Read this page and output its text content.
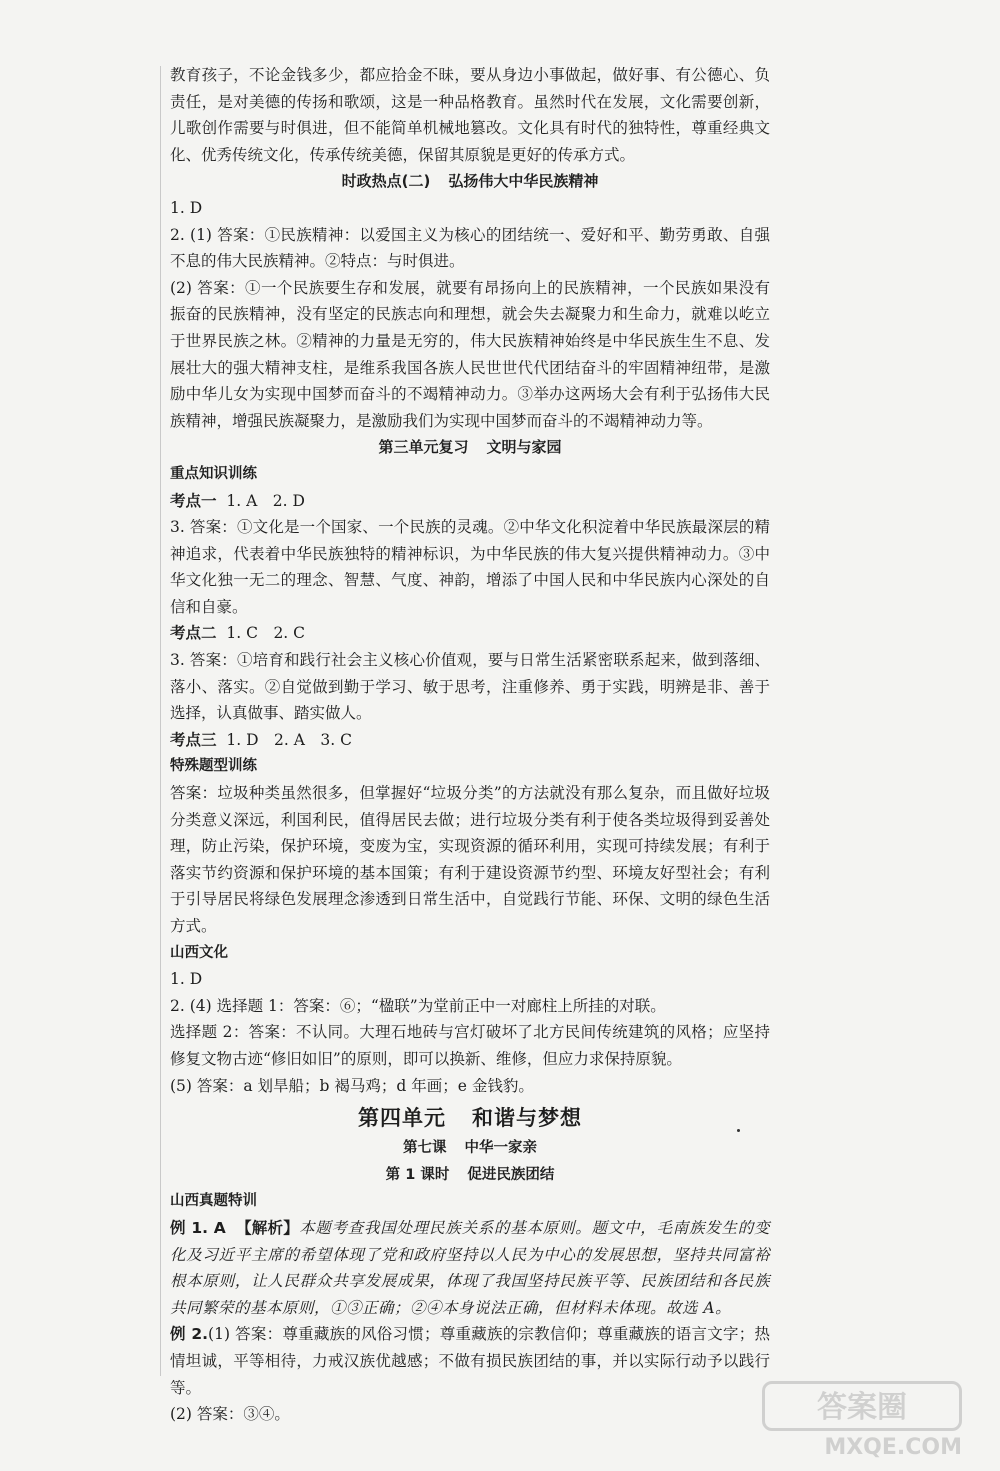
教育孩子，不论金钱多少，都应拾金不昧，要从身边小事做起，做好事、有公德心、负责任，是对美德的传扬和歌颂，这是一种品格教育。虽然时代在发展，文化需要创新，儿歌创作需要与时俱进，但不能简单机械地篡改。文化具有时代的独特性，尊重经典文化、优秀传统文化，传承传统美德，保留其原貌是更好的传承方式。

时政热点(二) 弘扬伟大中华民族精神

1. D

2. (1) 答案：①民族精神：以爱国主义为核心的团结统一、爱好和平、勤劳勇敢、自强不息的伟大民族精神。②特点：与时俱进。

(2) 答案：①一个民族要生存和发展，就要有昂扬向上的民族精神，一个民族如果没有振奋的民族精神，没有坚定的民族志向和理想，就会失去凝聚力和生命力，就难以屹立于世界民族之林。②精神的力量是无穷的，伟大民族精神始终是中华民族生生不息、发展壮大的强大精神支柱，是维系我国各族人民世世代代团结奋斗的牢固精神纽带，是激励中华儿女为实现中国梦而奋斗的不竭精神动力。③举办这两场大会有利于弘扬伟大民族精神，增强民族凝聚力，是激励我们为实现中国梦而奋斗的不竭精神动力等。

第三单元复习 文明与家园

重点知识训练

考点一 1. A　2. D

3. 答案：①文化是一个国家、一个民族的灵魂。②中华文化积淀着中华民族最深层的精神追求，代表着中华民族独特的精神标识，为中华民族的伟大复兴提供精神动力。③中华文化独一无二的理念、智慧、气度、神韵，增添了中国人民和中华民族内心深处的自信和自豪。

考点二 1. C　2. C

3. 答案：①培育和践行社会主义核心价值观，要与日常生活紧密联系起来，做到落细、落小、落实。②自觉做到勤于学习、敏于思考，注重修养、勇于实践，明辨是非、善于选择，认真做事、踏实做人。

考点三 1. D　2. A　3. C

特殊题型训练

答案：垃圾种类虽然很多，但掌握好“垃圾分类”的方法就没有那么复杂，而且做好垃圾分类意义深远，利国利民，值得居民去做；进行垃圾分类有利于使各类垃圾得到妥善处理，防止污染，保护环境，变废为宝，实现资源的循环利用，实现可持续发展；有利于落实节约资源和保护环境的基本国策；有利于建设资源节约型、环境友好型社会；有利于引导居民将绿色发展理念渗透到日常生活中，自觉践行节能、环保、文明的绿色生活方式。

山西文化

1. D

2. (4) 选择题 1：答案：⑥；“楹联”为堂前正中一对廊柱上所挂的对联。

选择题 2：答案：不认同。大理石地砖与宫灯破坏了北方民间传统建筑的风格；应坚持修复文物古迹“修旧如旧”的原则，即可以换新、维修，但应力求保持原貌。

(5) 答案：a 划旱船；b 褐马鸡；d 年画；e 金钱豹。

第四单元 和谐与梦想

第七课 中华一家亲

第 1 课时 促进民族团结

山西真题特训

例 1. A 【解析】本题考查我国处理民族关系的基本原则。题文中，毛南族发生的变化及习近平主席的希望体现了党和政府坚持以人民为中心的发展思想，坚持共同富裕根本原则，让人民群众共享发展成果，体现了我国坚持民族平等、民族团结和各民族共同繁荣的基本原则，①③正确；②④本身说法正确，但材料未体现。故选 A。

例 2.(1) 答案：尊重藏族的风俗习惯；尊重藏族的宗教信仰；尊重藏族的语言文字；热情坦诚，平等相待，力戒汉族优越感；不做有损民族团结的事，并以实际行动予以践行等。

(2) 答案：③④。	答案圈
MXQE.COM
